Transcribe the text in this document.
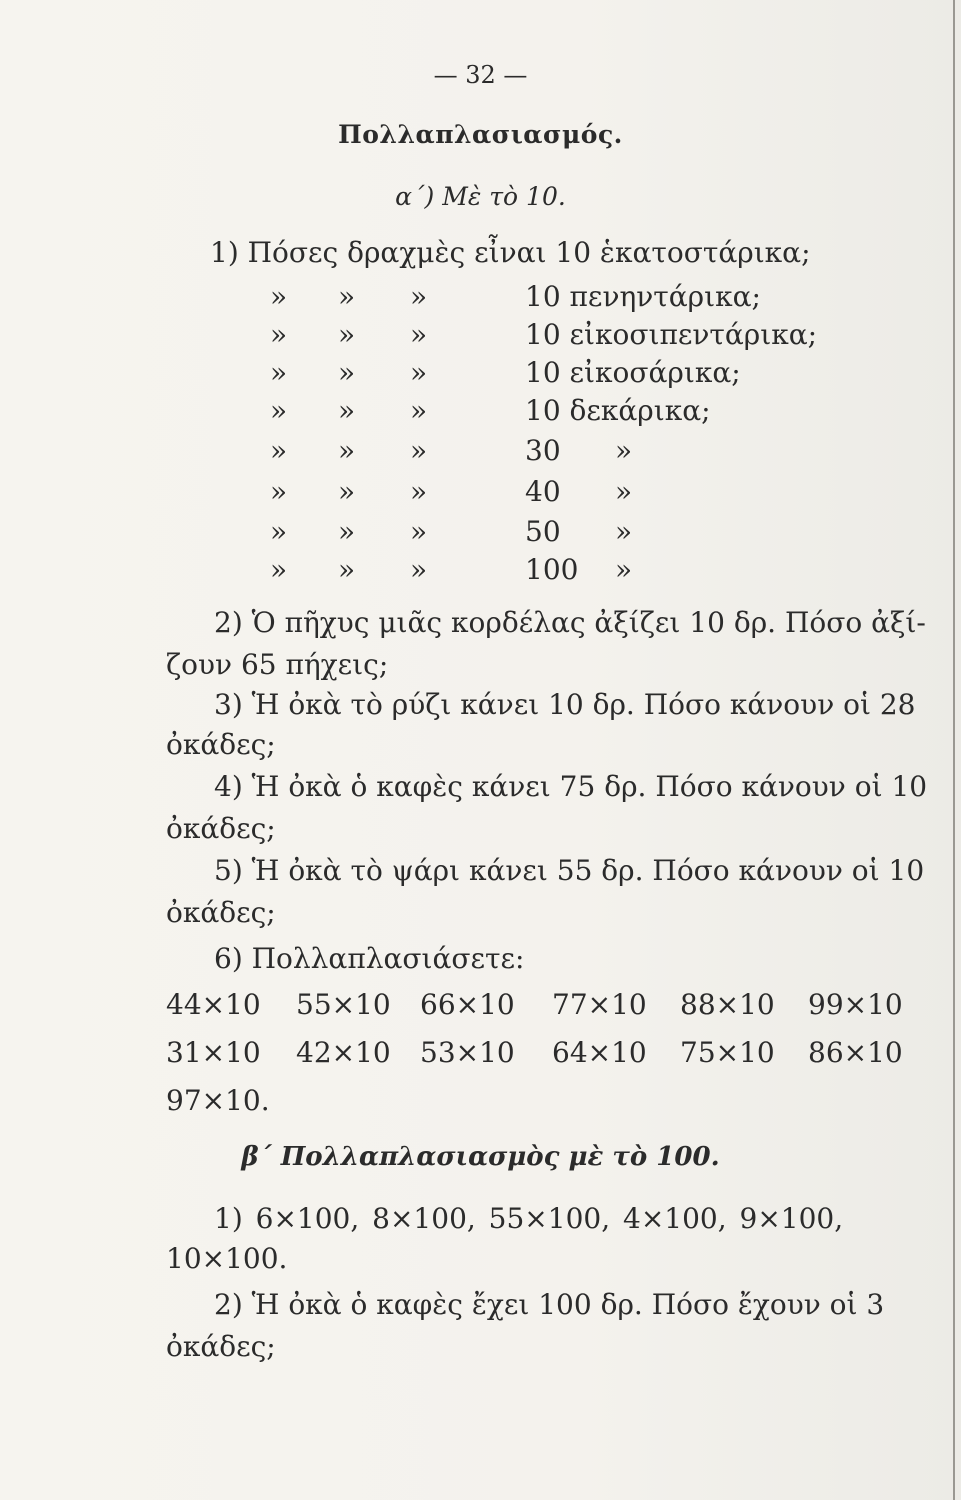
— 32 —
Πολλαπλασιασμός.
α΄) Μὲ τὸ 10.
1) Πόσες δραχμὲς εἶναι 10 ἑκατοστάρικα;
» » »	10 πενηντάρικα;
» » »	10 εἰκοσιπεντάρικα;
» » »	10 εἰκοσάρικα;
» » »	10 δεκάρικα;
» » »	30 »
» » »	40 »
» » »	50 »
» » »	100 »
2) Ὁ πῆχυς μιᾶς κορδέλας ἀξίζει 10 δρ. Πόσο ἀξί-
ζουν 65 πήχεις;
3) Ἡ ὀκὰ τὸ ρύζι κάνει 10 δρ. Πόσο κάνουν οἱ 28
ὀκάδες;
4) Ἡ ὀκὰ ὁ καφὲς κάνει 75 δρ. Πόσο κάνουν οἱ 10
ὀκάδες;
5) Ἡ ὀκὰ τὸ ψάρι κάνει 55 δρ. Πόσο κάνουν οἱ 10
ὀκάδες;
6) Πολλαπλασιάσετε:
44×10 55×10 66×10 77×10 88×10 99×10
31×10 42×10 53×10 64×10 75×10 86×10
97×10.
β΄ Πολλαπλασιασμὸς μὲ τὸ 100.
1) 6×100, 8×100, 55×100, 4×100, 9×100,
10×100.
2) Ἡ ὀκὰ ὁ καφὲς ἔχει 100 δρ. Πόσο ἔχουν οἱ 3
ὀκάδες;
